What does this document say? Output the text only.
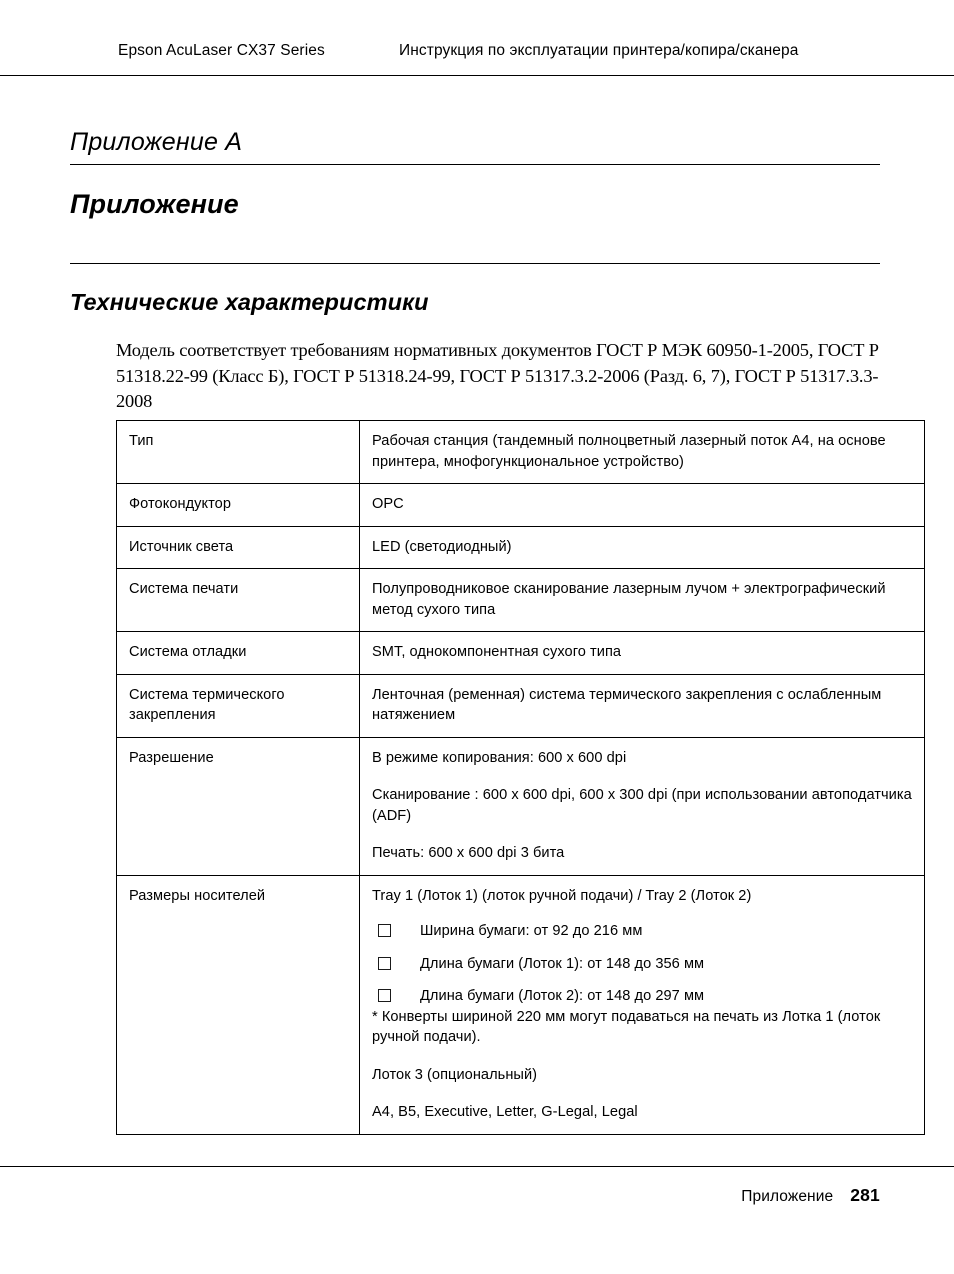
Epson AcuLaser CX37 Series	Инструкция по эксплуатации принтера/копира/сканера
Приложение A
Приложение
Технические характеристики

Модель соответствует требованиям нормативных документов ГОСТ Р МЭК 60950-1-2005, ГОСТ Р 51318.22-99 (Класс Б), ГОСТ Р 51318.24-99, ГОСТ Р 51317.3.2-2006 (Разд. 6, 7), ГОСТ Р 51317.3.3-2008

Тип	Рабочая станция (тандемный полноцветный лазерный поток A4, на основе принтера, мнофогункциональное устройство)
Фотокондуктор	OPC
Источник света	LED (светодиодный)
Система печати	Полупроводниковое сканирование лазерным лучом + электрографический метод сухого типа
Система отладки	SMT, однокомпонентная сухого типа
Система термического закрепления	Ленточная (ременная) система термического закрепления с ослабленным натяжением
Разрешение	В режиме копирования: 600 x 600 dpi

Сканирование : 600 x 600 dpi, 600 x 300 dpi (при использовании автоподатчика (ADF)

Печать: 600 x 600 dpi 3 бита

Размеры носителей	Tray 1 (Лоток 1) (лоток ручной подачи) / Tray 2 (Лоток 2)

Ширина бумаги: от 92 до 216 мм
Длина бумаги (Лоток 1): от 148 до 356 мм
Длина бумаги (Лоток 2): от 148 до 297 мм

* Конверты шириной 220 мм могут подаваться на печать из Лотка 1 (лоток ручной подачи).

Лоток 3 (опциональный)

A4, B5, Executive, Letter, G-Legal, Legal

Приложение 281
